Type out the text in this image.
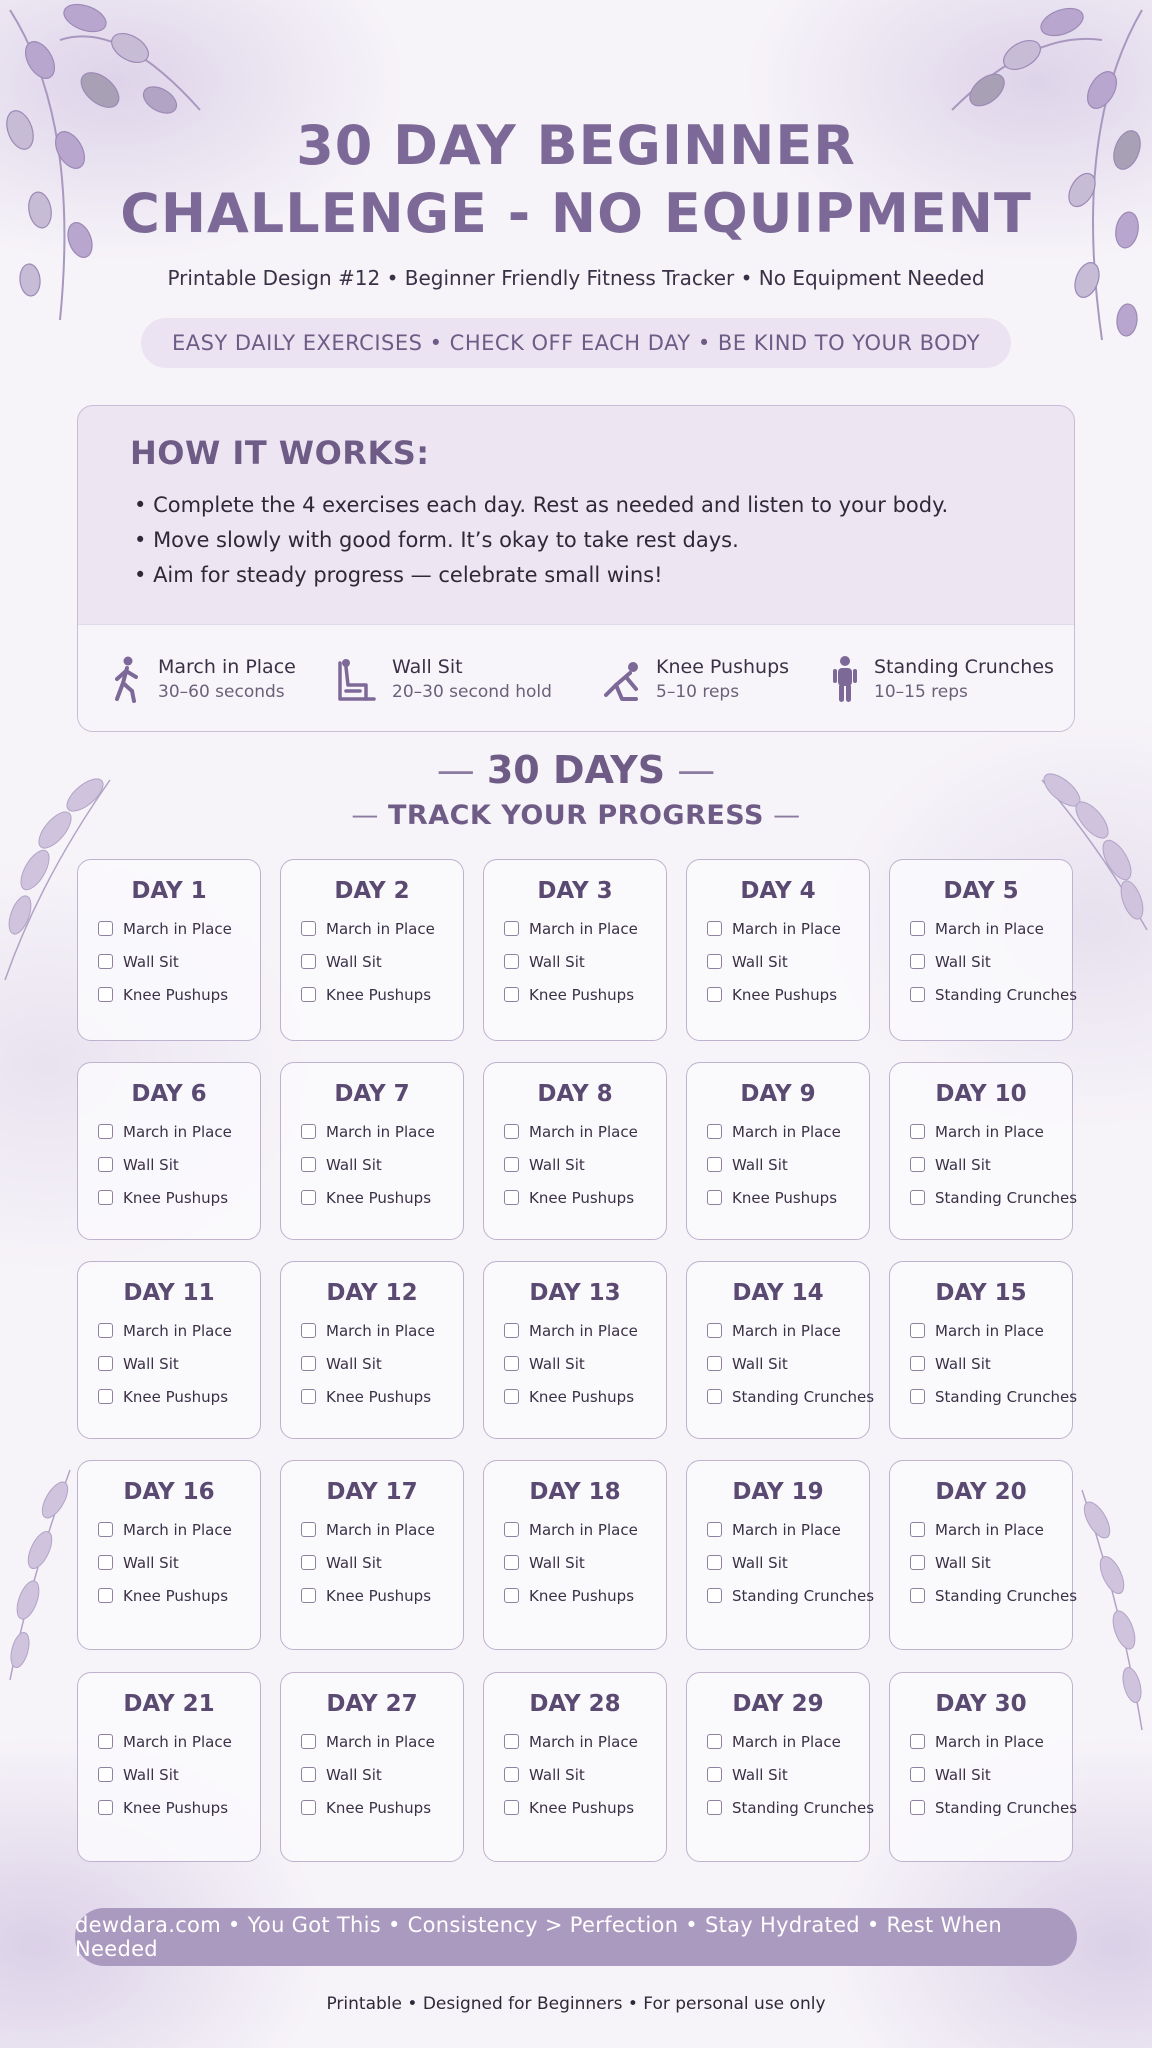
30 DAY BEGINNER
CHALLENGE - NO EQUIPMENT
Printable Design #12 • Beginner Friendly Fitness Tracker • No Equipment Needed
EASY DAILY EXERCISES • CHECK OFF EACH DAY • BE KIND TO YOUR BODY
HOW IT WORKS:
• Complete the 4 exercises each day. Rest as needed and listen to your body.
• Move slowly with good form. It’s okay to take rest days.
• Aim for steady progress — celebrate small wins!
March in Place
30–60 seconds
Wall Sit
20–30 second hold
Knee Pushups
5–10 reps
Standing Crunches
10–15 reps
— 30 DAYS —
— TRACK YOUR PROGRESS —
DAY 1
March in Place
Wall Sit
Knee Pushups
DAY 2
March in Place
Wall Sit
Knee Pushups
DAY 3
March in Place
Wall Sit
Knee Pushups
DAY 4
March in Place
Wall Sit
Knee Pushups
DAY 5
March in Place
Wall Sit
Standing Crunches
DAY 6
March in Place
Wall Sit
Knee Pushups
DAY 7
March in Place
Wall Sit
Knee Pushups
DAY 8
March in Place
Wall Sit
Knee Pushups
DAY 9
March in Place
Wall Sit
Knee Pushups
DAY 10
March in Place
Wall Sit
Standing Crunches
DAY 11
March in Place
Wall Sit
Knee Pushups
DAY 12
March in Place
Wall Sit
Knee Pushups
DAY 13
March in Place
Wall Sit
Knee Pushups
DAY 14
March in Place
Wall Sit
Standing Crunches
DAY 15
March in Place
Wall Sit
Standing Crunches
DAY 16
March in Place
Wall Sit
Knee Pushups
DAY 17
March in Place
Wall Sit
Knee Pushups
DAY 18
March in Place
Wall Sit
Knee Pushups
DAY 19
March in Place
Wall Sit
Standing Crunches
DAY 20
March in Place
Wall Sit
Standing Crunches
DAY 21
March in Place
Wall Sit
Knee Pushups
DAY 27
March in Place
Wall Sit
Knee Pushups
DAY 28
March in Place
Wall Sit
Knee Pushups
DAY 29
March in Place
Wall Sit
Standing Crunches
DAY 30
March in Place
Wall Sit
Standing Crunches
dewdara.com • You Got This • Consistency > Perfection • Stay Hydrated • Rest When Needed
Printable • Designed for Beginners • For personal use only
